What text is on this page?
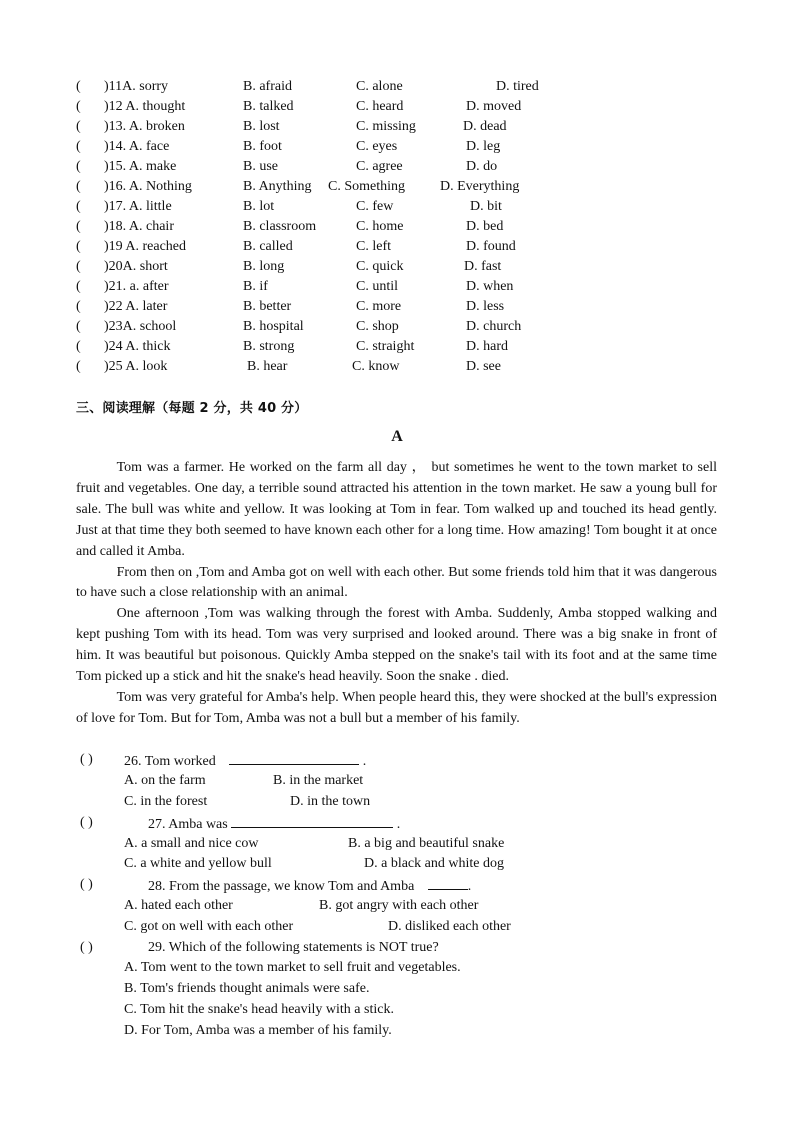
( )11A. sorry	B. afraid	C. alone	D. tired
( )12 A. thought	B. talked	C. heard	D. moved
( )13. A. broken	B. lost	C. missing	D. dead
( )14. A. face	B. foot	C. eyes	D. leg
( )15. A. make	B. use	C. agree	D. do
( )16. A. Nothing	B. Anything C. Something D. Everything
( )17. A. little	B. lot	C. few	D. bit
( )18. A. chair	B. classroom	C. home	D. bed
( )19 A. reached	B. called	C. left	D. found
( )20A. short	B. long	C. quick	D. fast
( )21. a. after	B. if	C. until	D. when
( )22 A. later	B. better	C. more	D. less
( )23A. school	B. hospital	C. shop	D. church
( )24 A. thick	B. strong	C. straight	D. hard
( )25 A. look	B. hear	C. know	D. see
三、阅读理解（每题 2 分，共 40 分）
A

Tom was a farmer. He worked on the farm all day ， but sometimes he went to the town market to sell fruit and vegetables. One day, a terrible sound attracted his attention in the town market. He saw a young bull for sale. The bull was white and yellow. It was looking at Tom in fear. Tom walked up and touched its head gently. Just at that time they both seemed to have known each other for a long time. How amazing! Tom bought it at once and called it Amba.

From then on ,Tom and Amba got on well with each other. But some friends told him that it was dangerous to have such a close relationship with an animal.

One afternoon ,Tom was walking through the forest with Amba. Suddenly, Amba stopped walking and kept pushing Tom with its head. Tom was very surprised and looked around. There was a big snake in front of him. It was beautiful but poisonous. Quickly Amba stepped on the snake's tail with its foot and at the same time Tom picked up a stick and hit the snake's head heavily. Soon the snake . died.

Tom was very grateful for Amba's help. When people heard this, they were shocked at the bull's expression of love for Tom. But for Tom, Amba was not a bull but a member of his family.

( ) 26. Tom worked	.
A. on the farm	B. in the market
C. in the forest	D. in the town
( )	27. Amba was	.
A. a small and nice cow	B. a big and beautiful snake
C. a white and yellow bull	D. a black and white dog
( )	28. From the passage, we know Tom and Amba	.
A. hated each other	B. got angry with each other
C. got on well with each other	D. disliked each other
( )	29. Which of the following statements is NOT true?
A. Tom went to the town market to sell fruit and vegetables.
B. Tom's friends thought animals were safe.
C. Tom hit the snake's head heavily with a stick.
D. For Tom, Amba was a member of his family.
